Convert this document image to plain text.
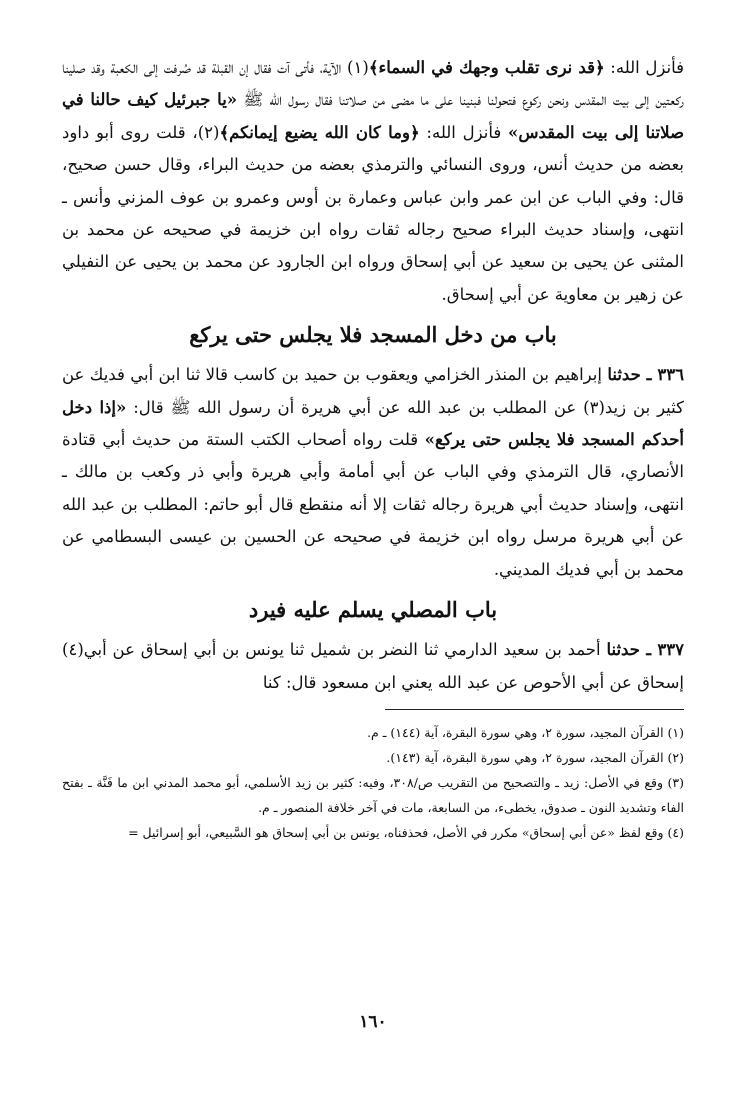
فأنزل الله: ﴿قد نرى تقلب وجهك في السماء﴾(١) الآية، فأتى آت فقال إن القبلة قد صُرفت إلى الكعبة وقد صلينا ركعتين إلى بيت المقدس ونحن ركوع فتحولنا فبنينا على ما مضى من صلاتنا فقال رسول الله ﷺ «يا جبرئيل كيف حالنا في صلاتنا إلى بيت المقدس» فأنزل الله: ﴿وما كان الله يضيع إيمانكم﴾(٢)، قلت روى أبو داود بعضه من حديث أنس، وروى النسائي والترمذي بعضه من حديث البراء، وقال حسن صحيح، قال: وفي الباب عن ابن عمر وابن عباس وعمارة بن أوس وعمرو بن عوف المزني وأنس ـ انتهى، وإسناد حديث البراء صحيح رجاله ثقات رواه ابن خزيمة في صحيحه عن محمد بن المثنى عن يحيى بن سعيد عن أبي إسحاق ورواه ابن الجارود عن محمد بن يحيى عن النفيلي عن زهير بن معاوية عن أبي إسحاق.

باب من دخل المسجد فلا يجلس حتى يركع

٣٣٦ ـ حدثنا إبراهيم بن المنذر الخزامي ويعقوب بن حميد بن كاسب قالا ثنا ابن أبي فديك عن كثير بن زيد(٣) عن المطلب بن عبد الله عن أبي هريرة أن رسول الله ﷺ قال: «إذا دخل أحدكم المسجد فلا يجلس حتى يركع» قلت رواه أصحاب الكتب الستة من حديث أبي قتادة الأنصاري، قال الترمذي وفي الباب عن أبي أمامة وأبي هريرة وأبي ذر وكعب بن مالك ـ انتهى، وإسناد حديث أبي هريرة رجاله ثقات إلا أنه منقطع قال أبو حاتم: المطلب بن عبد الله عن أبي هريرة مرسل رواه ابن خزيمة في صحيحه عن الحسين بن عيسى البسطامي عن محمد بن أبي فديك المديني.

باب المصلي يسلم عليه فيرد

٣٣٧ ـ حدثنا أحمد بن سعيد الدارمي ثنا النضر بن شميل ثنا يونس بن أبي إسحاق عن أبي(٤) إسحاق عن أبي الأحوص عن عبد الله يعني ابن مسعود قال: كنا

(١) القرآن المجيد، سورة ٢، وهي سورة البقرة، آية (١٤٤) ـ م.
(٢) القرآن المجيد، سورة ٢، وهي سورة البقرة، آية (١٤٣).
(٣) وقع في الأصل: زيد ـ والتصحيح من التقريب ص/٣٠٨، وفيه: كثير بن زيد الأسلمي، أبو محمد المدني ابن ما فَنَّة ـ بفتح الفاء وتشديد النون ـ صدوق، يخطىء، من السابعة، مات في آخر خلافة المنصور ـ م.
(٤) وقع لفظ «عن أبي إسحاق» مكرر في الأصل، فحذفناه، يونس بن أبي إسحاق هو السَّبيعي، أبو إسرائيل =
١٦٠
